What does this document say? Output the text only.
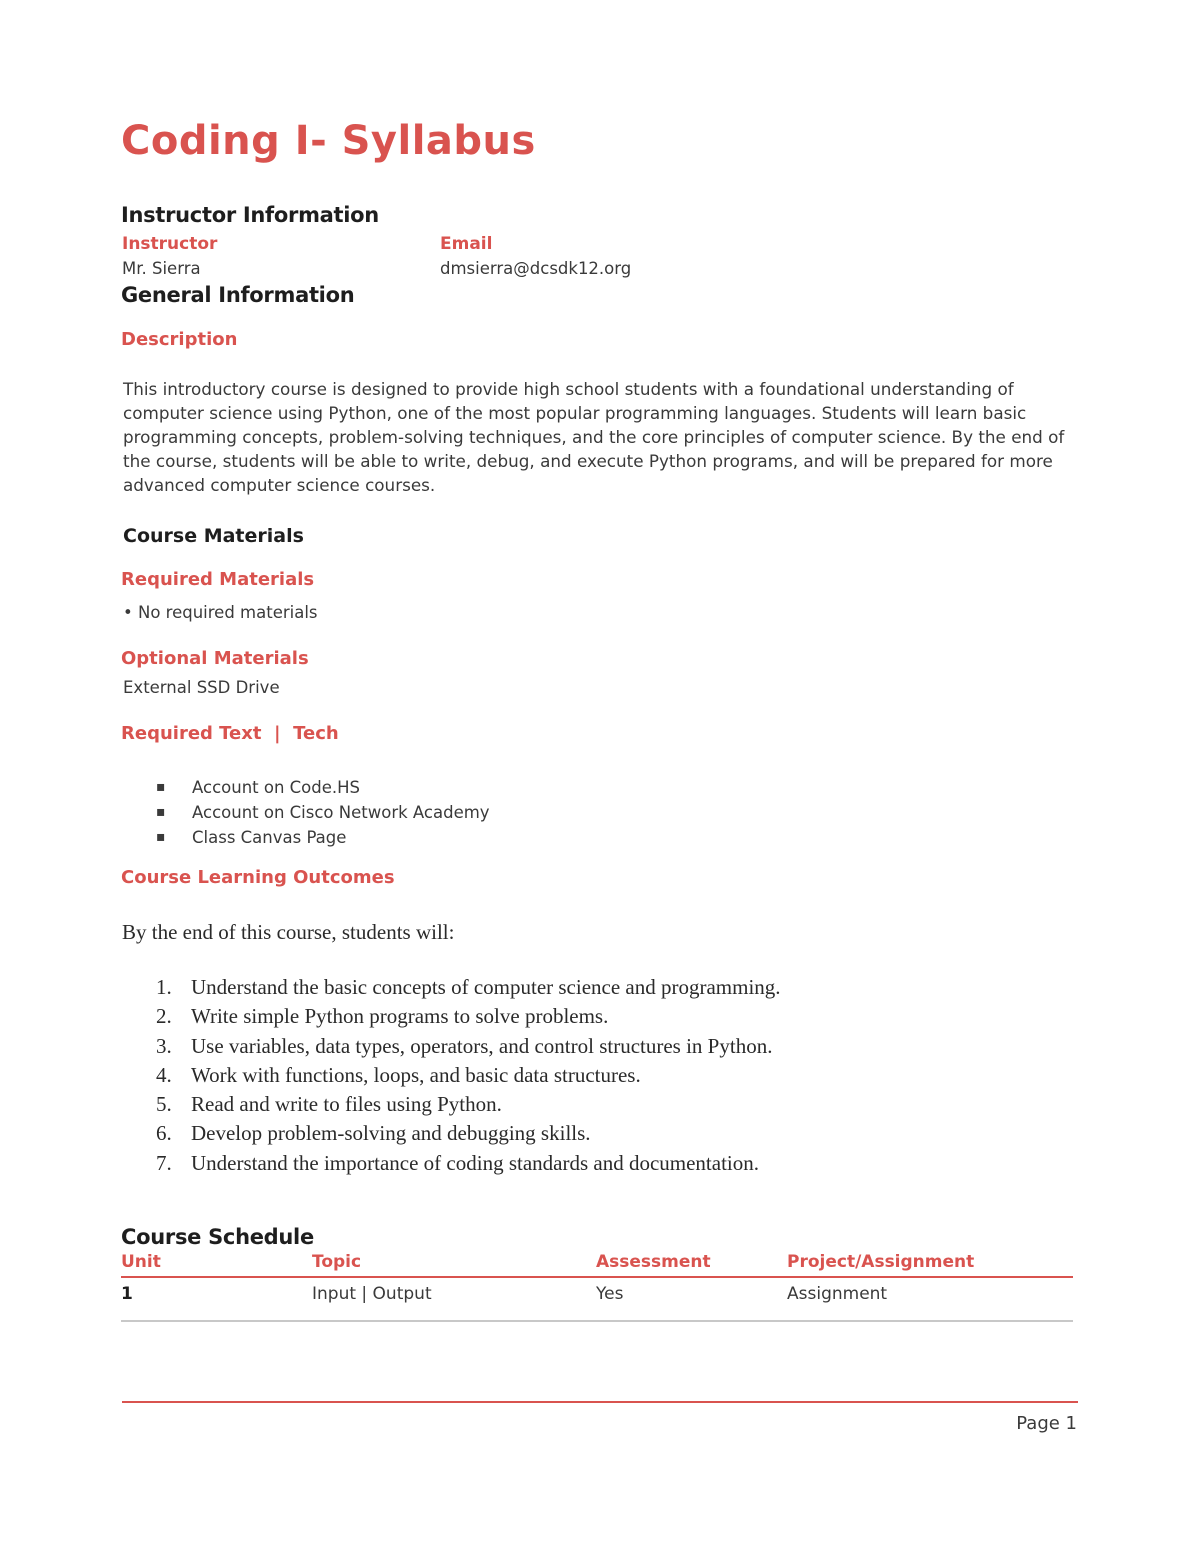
Coding I- Syllabus
Instructor Information
Instructor
Mr. Sierra
Email
dmsierra@dcsdk12.org
General Information
Description
This introductory course is designed to provide high school students with a foundational understanding of computer science using Python, one of the most popular programming languages. Students will learn basic programming concepts, problem-solving techniques, and the core principles of computer science. By the end of the course, students will be able to write, debug, and execute Python programs, and will be prepared for more advanced computer science courses.
Course Materials
Required Materials
• No required materials
Optional Materials
External SSD Drive
Required Text  |  Tech
▪ Account on Code.HS
▪ Account on Cisco Network Academy
▪ Class Canvas Page
Course Learning Outcomes
By the end of this course, students will:
1. Understand the basic concepts of computer science and programming.
2. Write simple Python programs to solve problems.
3. Use variables, data types, operators, and control structures in Python.
4. Work with functions, loops, and basic data structures.
5. Read and write to files using Python.
6. Develop problem-solving and debugging skills.
7. Understand the importance of coding standards and documentation.
Course Schedule
Unit	Topic	Assessment	Project/Assignment
1	Input | Output	Yes	Assignment
Page 1
